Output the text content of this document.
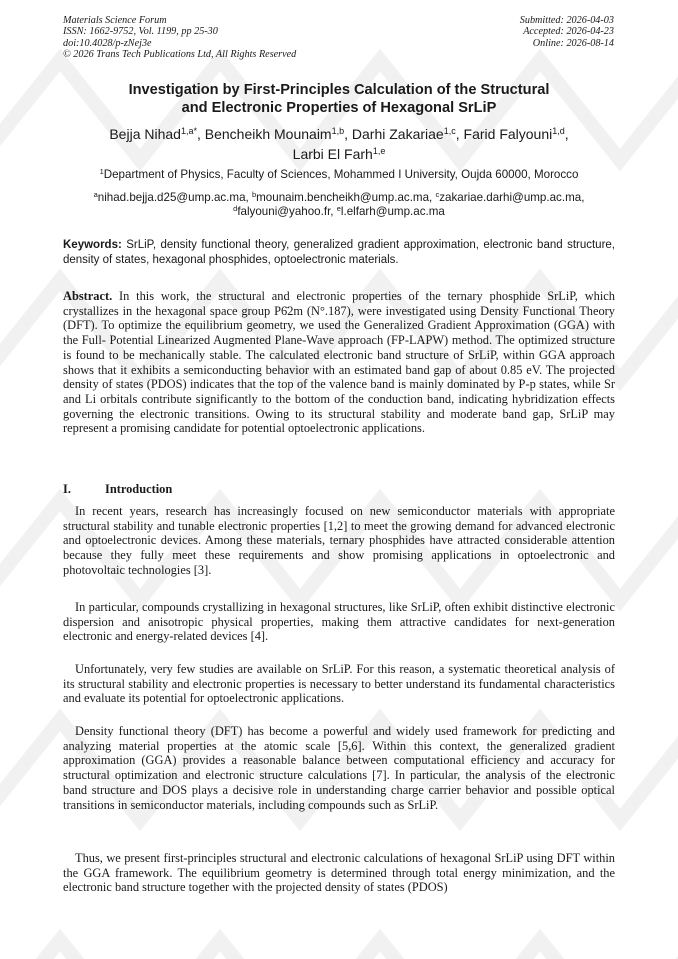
Materials Science Forum
ISSN: 1662-9752, Vol. 1199, pp 25-30
doi:10.4028/p-zNej3e
© 2026 Trans Tech Publications Ltd, All Rights Reserved
Submitted: 2026-04-03
Accepted: 2026-04-23
Online: 2026-08-14
Investigation by First-Principles Calculation of the Structural
and Electronic Properties of Hexagonal SrLiP
Bejja Nihad$^{1,a*}$, Bencheikh Mounaim$^{1,b}$, Darhi Zakariae$^{1,c}$, Farid Falyouni$^{1,d}$,
Larbi El Farh$^{1,e}$
$^1$Department of Physics, Faculty of Sciences, Mohammed I University, Oujda 60000, Morocco
$^a$nihad.bejja.d25@ump.ac.ma, $^b$mounaim.bencheikh@ump.ac.ma, $^c$zakariae.darhi@ump.ac.ma,
$^d$falyouni@yahoo.fr, $^e$l.elfarh@ump.ac.ma
Keywords: SrLiP, density functional theory, generalized gradient approximation, electronic band structure, density of states, hexagonal phosphides, optoelectronic materials.
Abstract. In this work, the structural and electronic properties of the ternary phosphide SrLiP, which crystallizes in the hexagonal space group P6̄2m (N°.187), were investigated using Density Functional Theory (DFT). To optimize the equilibrium geometry, we used the Generalized Gradient Approximation (GGA) with the Full- Potential Linearized Augmented Plane-Wave approach (FP-LAPW) method. The optimized structure is found to be mechanically stable. The calculated electronic band structure of SrLiP, within GGA approach shows that it exhibits a semiconducting behavior with an estimated band gap of about 0.85 eV. The projected density of states (PDOS) indicates that the top of the valence band is mainly dominated by P-p states, while Sr and Li orbitals contribute significantly to the bottom of the conduction band, indicating hybridization effects governing the electronic transitions. Owing to its structural stability and moderate band gap, SrLiP may represent a promising candidate for potential optoelectronic applications.
I.	Introduction
In recent years, research has increasingly focused on new semiconductor materials with appropriate structural stability and tunable electronic properties [1,2] to meet the growing demand for advanced electronic and optoelectronic devices. Among these materials, ternary phosphides have attracted considerable attention because they fully meet these requirements and show promising applications in optoelectronic and photovoltaic technologies [3].
In particular, compounds crystallizing in hexagonal structures, like SrLiP, often exhibit distinctive electronic dispersion and anisotropic physical properties, making them attractive candidates for next-generation electronic and energy-related devices [4].
Unfortunately, very few studies are available on SrLiP. For this reason, a systematic theoretical analysis of its structural stability and electronic properties is necessary to better understand its fundamental characteristics and evaluate its potential for optoelectronic applications.
Density functional theory (DFT) has become a powerful and widely used framework for predicting and analyzing material properties at the atomic scale [5,6]. Within this context, the generalized gradient approximation (GGA) provides a reasonable balance between computational efficiency and accuracy for structural optimization and electronic structure calculations [7]. In particular, the analysis of the electronic band structure and DOS plays a decisive role in understanding charge carrier behavior and possible optical transitions in semiconductor materials, including compounds such as SrLiP.
Thus, we present first-principles structural and electronic calculations of hexagonal SrLiP using DFT within the GGA framework. The equilibrium geometry is determined through total energy minimization, and the electronic band structure together with the projected density of states (PDOS)
